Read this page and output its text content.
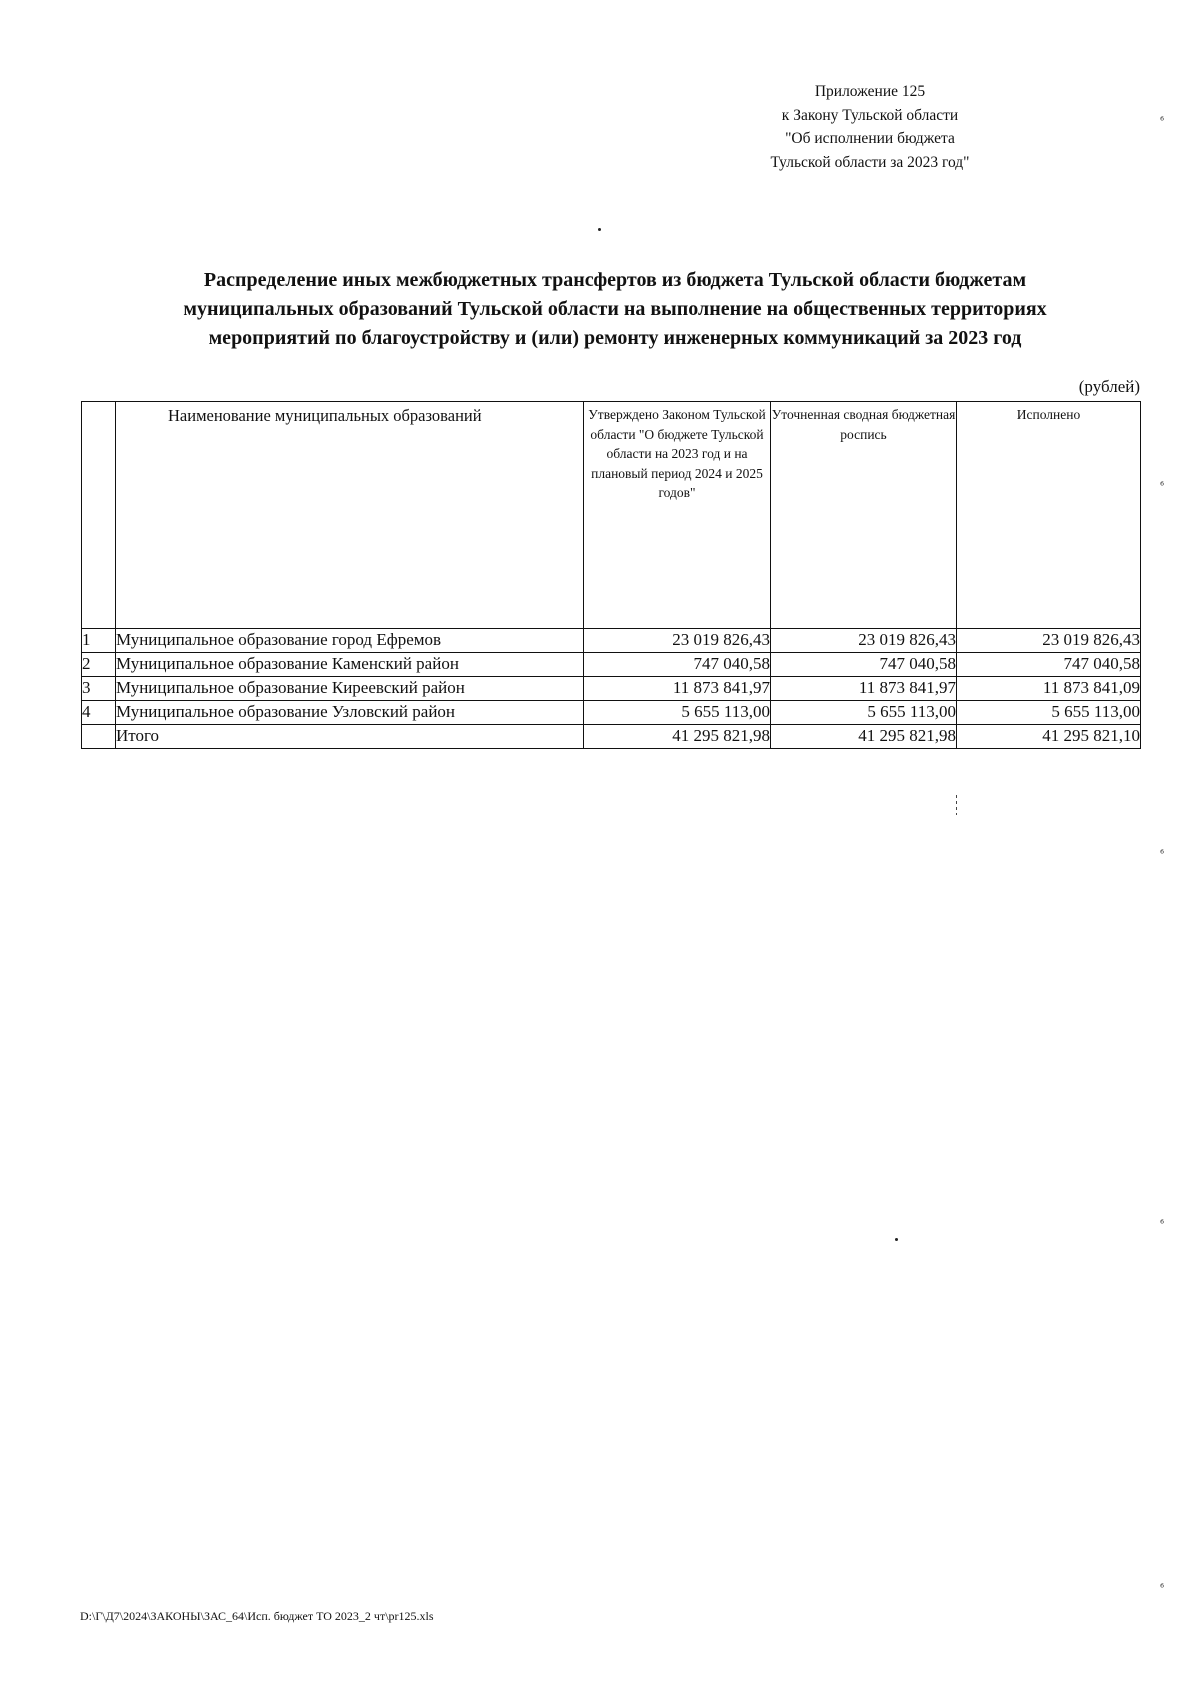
Приложение 125
к Закону Тульской области
"Об исполнении бюджета
Тульской области за 2023 год"
Распределение иных межбюджетных трансфертов из бюджета Тульской области бюджетам
муниципальных образований Тульской области на выполнение на общественных территориях
мероприятий по благоустройству и (или) ремонту инженерных коммуникаций за 2023 год
(рублей)
	Наименование муниципальных образований	Утверждено Законом Тульской области "О бюджете Тульской области на 2023 год и на плановый период 2024 и 2025 годов"	Уточненная сводная бюджетная роспись	Исполнено
1	Муниципальное образование город Ефремов	23 019 826,43	23 019 826,43	23 019 826,43
2	Муниципальное образование Каменский район	747 040,58	747 040,58	747 040,58
3	Муниципальное образование Киреевский район	11 873 841,97	11 873 841,97	11 873 841,09
4	Муниципальное образование Узловский район	5 655 113,00	5 655 113,00	5 655 113,00
	Итого	41 295 821,98	41 295 821,98	41 295 821,10
⁶
⁶
⁶
⁶
⁶
D:\Г\Д7\2024\ЗАКОНЫ\ЗАС_64\Исп. бюджет ТО 2023_2 чт\pr125.xls
